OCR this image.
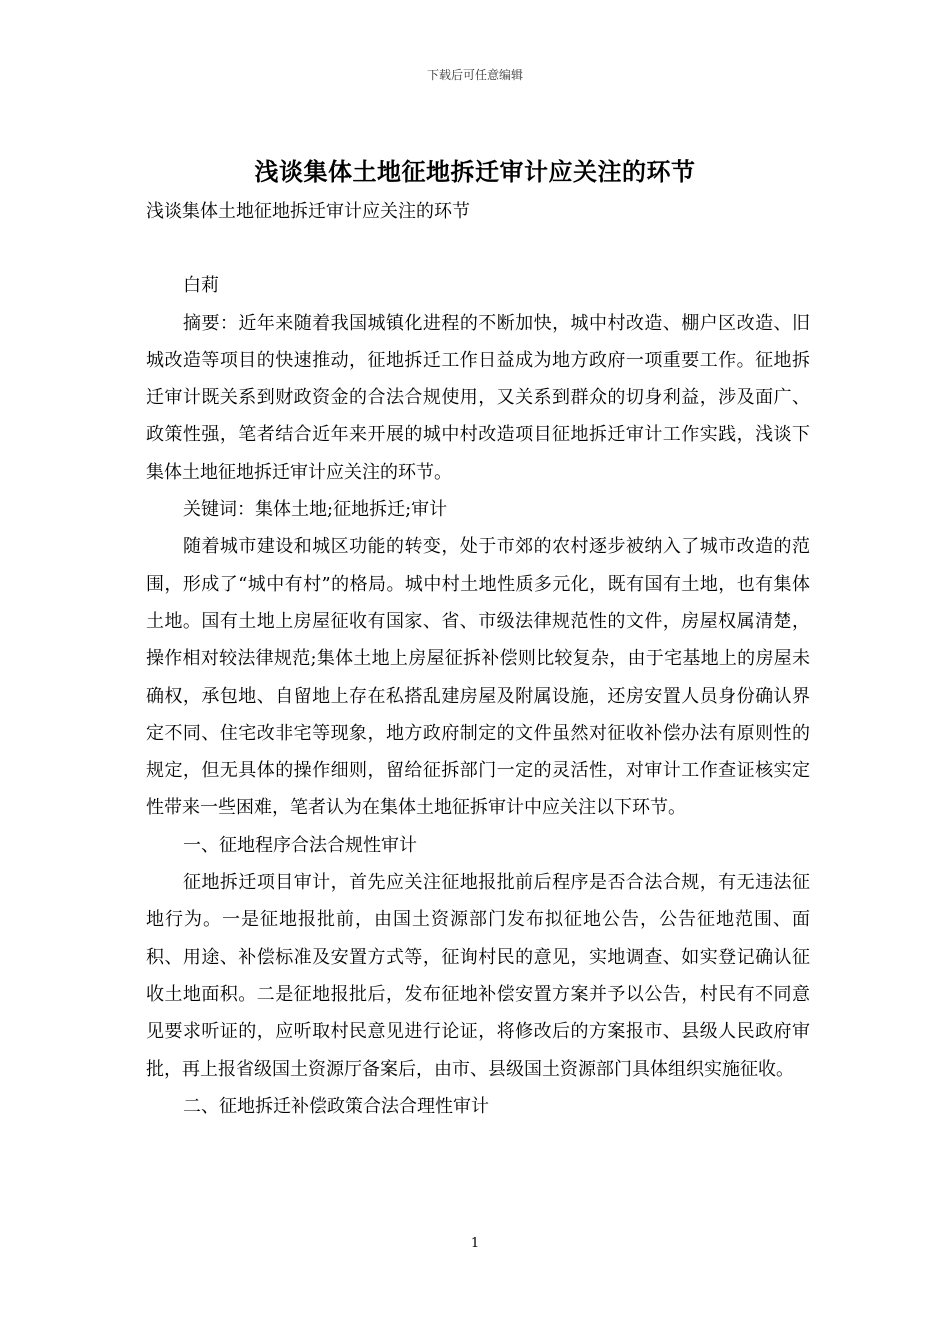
下载后可任意编辑
浅谈集体土地征地拆迁审计应关注的环节

浅谈集体土地征地拆迁审计应关注的环节

白莉

摘要：近年来随着我国城镇化进程的不断加快，城中村改造、棚户区改造、旧城改造等项目的快速推动，征地拆迁工作日益成为地方政府一项重要工作。征地拆迁审计既关系到财政资金的合法合规使用，又关系到群众的切身利益，涉及面广、政策性强，笔者结合近年来开展的城中村改造项目征地拆迁审计工作实践，浅谈下集体土地征地拆迁审计应关注的环节。

关键词：集体土地;征地拆迁;审计

随着城市建设和城区功能的转变，处于市郊的农村逐步被纳入了城市改造的范围，形成了“城中有村”的格局。城中村土地性质多元化，既有国有土地，也有集体土地。国有土地上房屋征收有国家、省、市级法律规范性的文件，房屋权属清楚，操作相对较法律规范;集体土地上房屋征拆补偿则比较复杂，由于宅基地上的房屋未确权，承包地、自留地上存在私搭乱建房屋及附属设施，还房安置人员身份确认界定不同、住宅改非宅等现象，地方政府制定的文件虽然对征收补偿办法有原则性的规定，但无具体的操作细则，留给征拆部门一定的灵活性，对审计工作查证核实定性带来一些困难，笔者认为在集体土地征拆审计中应关注以下环节。

一、征地程序合法合规性审计

征地拆迁项目审计，首先应关注征地报批前后程序是否合法合规，有无违法征地行为。一是征地报批前，由国土资源部门发布拟征地公告，公告征地范围、面积、用途、补偿标准及安置方式等，征询村民的意见，实地调查、如实登记确认征收土地面积。二是征地报批后，发布征地补偿安置方案并予以公告，村民有不同意见要求听证的，应听取村民意见进行论证，将修改后的方案报市、县级人民政府审批，再上报省级国土资源厅备案后，由市、县级国土资源部门具体组织实施征收。

二、征地拆迁补偿政策合法合理性审计

1
